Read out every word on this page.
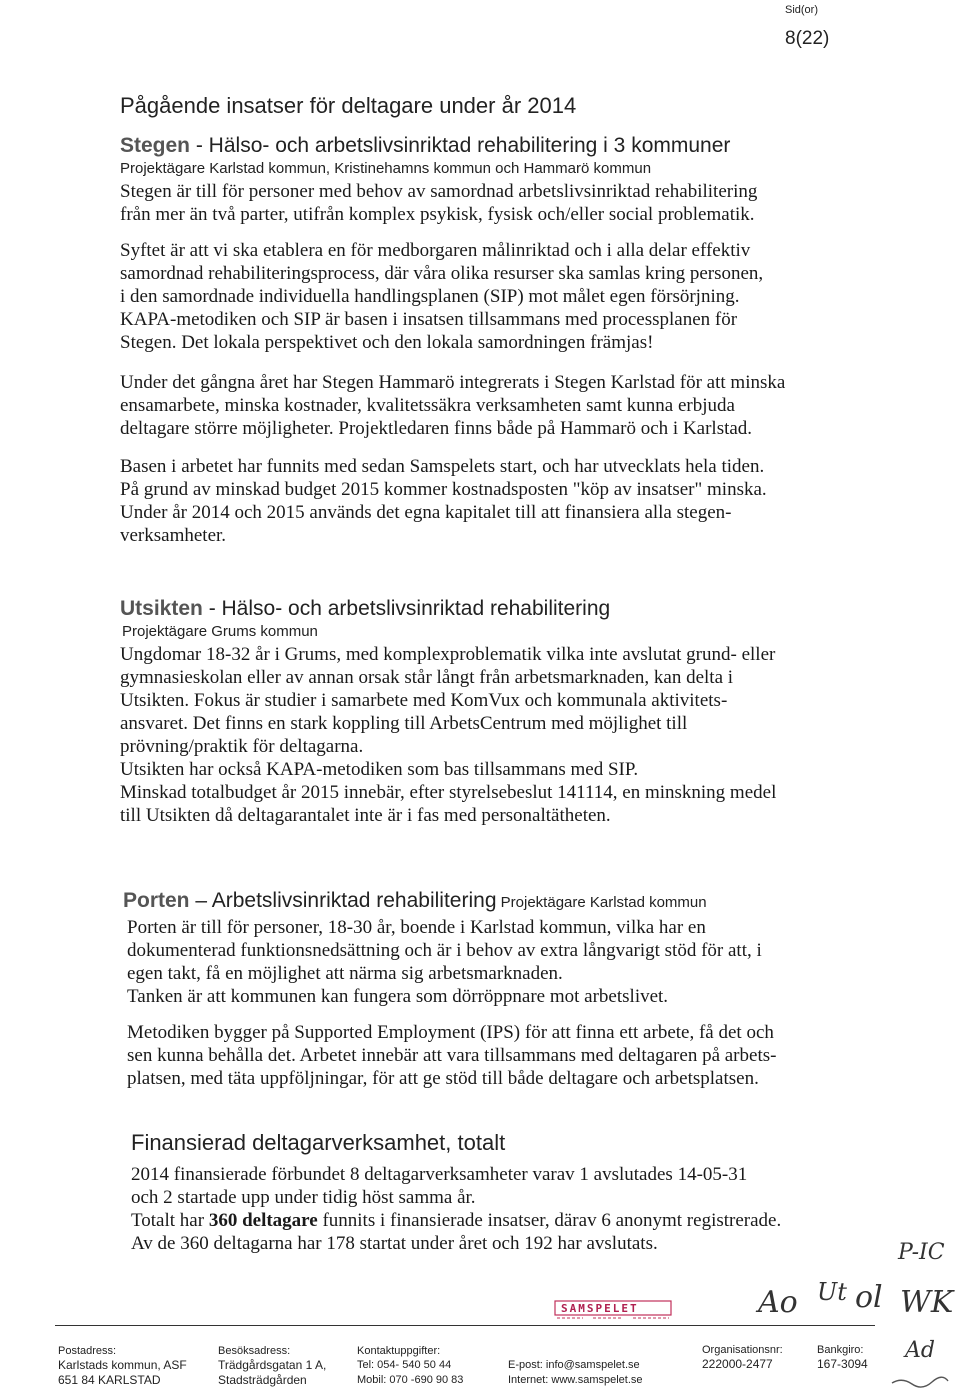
Sid(or)
8(22)
Pågående insatser för deltagare under år 2014
Stegen - Hälso- och arbetslivsinriktad rehabilitering i 3 kommuner
Projektägare Karlstad kommun, Kristinehamns kommun och Hammarö kommun
Stegen är till för personer med behov av samordnad arbetslivsinriktad rehabilitering
från mer än två parter, utifrån komplex psykisk, fysisk och/eller social problematik.
Syftet är att vi ska etablera en för medborgaren målinriktad och i alla delar effektiv
samordnad rehabiliteringsprocess, där våra olika resurser ska samlas kring personen,
i den samordnade individuella handlingsplanen (SIP) mot målet egen försörjning.
KAPA-metodiken och SIP är basen i insatsen tillsammans med processplanen för
Stegen. Det lokala perspektivet och den lokala samordningen främjas!
Under det gångna året har Stegen Hammarö integrerats i Stegen Karlstad för att minska
ensamarbete, minska kostnader, kvalitetssäkra verksamheten samt kunna erbjuda
deltagare större möjligheter. Projektledaren finns både på Hammarö och i Karlstad.
Basen i arbetet har funnits med sedan Samspelets start, och har utvecklats hela tiden.
På grund av minskad budget 2015 kommer kostnadsposten "köp av insatser" minska.
Under år 2014 och 2015 används det egna kapitalet till att finansiera alla stegen-
verksamheter.
Utsikten - Hälso- och arbetslivsinriktad rehabilitering
Projektägare Grums kommun
Ungdomar 18-32 år i Grums, med komplexproblematik vilka inte avslutat grund- eller
gymnasieskolan eller av annan orsak står långt från arbetsmarknaden, kan delta i
Utsikten. Fokus är studier i samarbete med KomVux och kommunala aktivitets-
ansvaret. Det finns en stark koppling till ArbetsCentrum med möjlighet till
prövning/praktik för deltagarna.
Utsikten har också KAPA-metodiken som bas tillsammans med SIP.
Minskad totalbudget år 2015 innebär, efter styrelsebeslut 141114, en minskning medel
till Utsikten då deltagarantalet inte är i fas med personaltätheten.
Porten – Arbetslivsinriktad rehabilitering Projektägare Karlstad kommun
Porten är till för personer, 18-30 år, boende i Karlstad kommun, vilka har en
dokumenterad funktionsnedsättning och är i behov av extra långvarigt stöd för att, i
egen takt, få en möjlighet att närma sig arbetsmarknaden.
Tanken är att kommunen kan fungera som dörröppnare mot arbetslivet.
Metodiken bygger på Supported Employment (IPS) för att finna ett arbete, få det och
sen kunna behålla det. Arbetet innebär att vara tillsammans med deltagaren på arbets-
platsen, med täta uppföljningar, för att ge stöd till både deltagare och arbetsplatsen.
Finansierad deltagarverksamhet, totalt
2014 finansierade förbundet 8 deltagarverksamheter varav 1 avslutades 14-05-31
och 2 startade upp under tidig höst samma år.
Totalt har 360 deltagare funnits i finansierade insatser, därav 6 anonymt registrerade.
Av de 360 deltagarna har 178 startat under året och 192 har avslutats.	P-IC
Ao Ut ol WK
Ad
SAMSPELET
Postadress:
Karlstads kommun, ASF
651 84 KARLSTAD
Besöksadress:
Trädgårdsgatan 1 A,
Stadsträdgården
Kontaktuppgifter:
Tel: 054- 540 50 44
Mobil: 070 -690 90 83
E-post: info@samspelet.se
Internet: www.samspelet.se
Organisationsnr:
222000-2477
Bankgiro:
167-3094
